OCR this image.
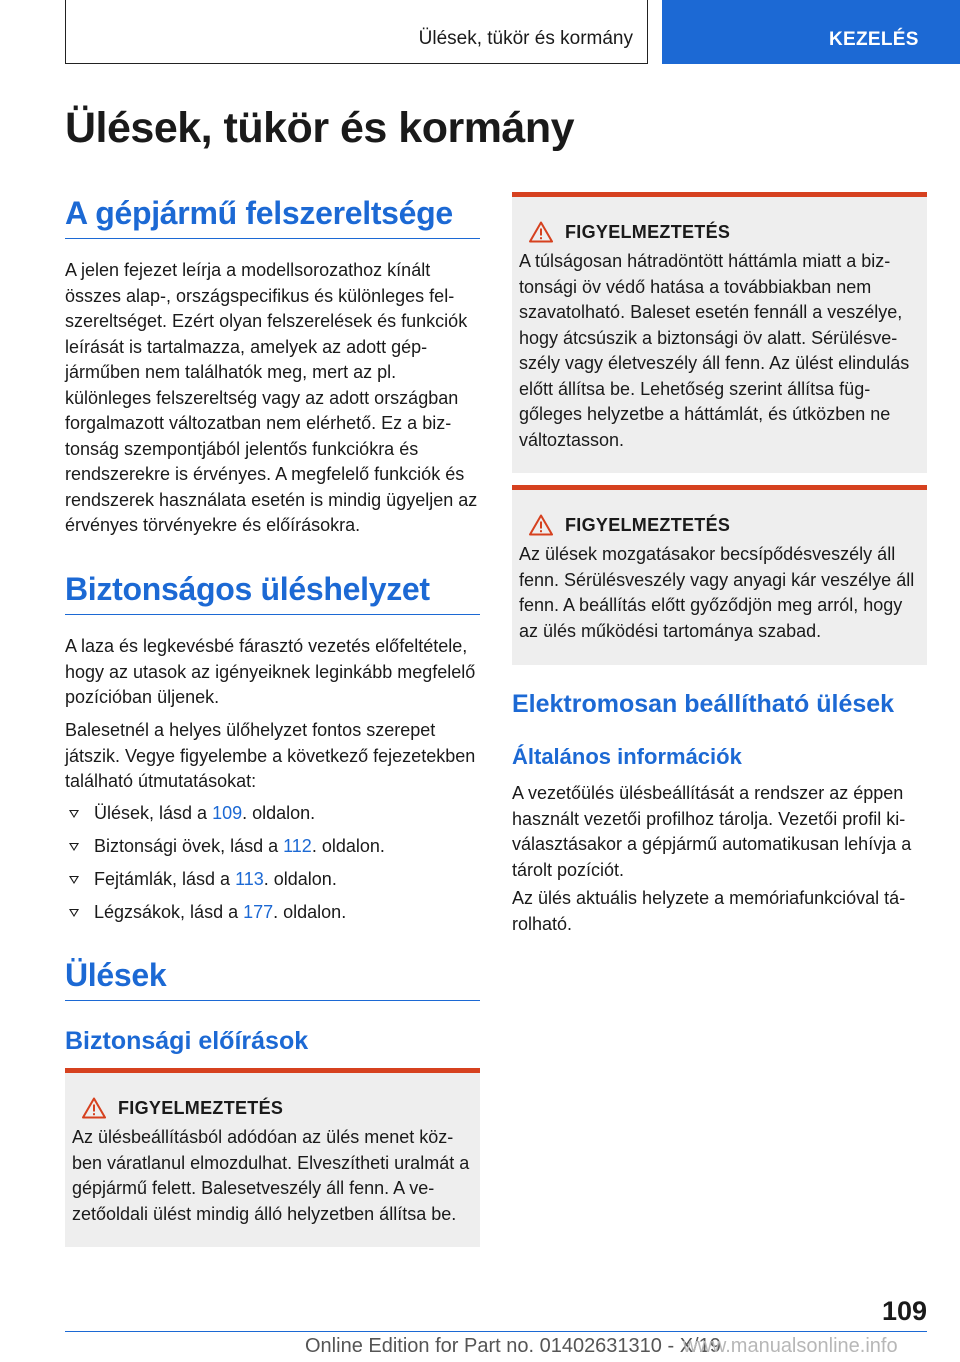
Ülések, tükör és kormány	KEZELÉS
Ülések, tükör és kormány
A gépjármű felszereltsége

A jelen fejezet leírja a modellsorozathoz kínált összes alap-, országspecifikus és különleges felszereltséget. Ezért olyan felszerelések és funkciók leírását is tartalmazza, amelyek az adott gépjárműben nem találhatók meg, mert az pl. különleges felszereltség vagy az adott országban forgalmazott változatban nem elérhető. Ez a biztonság szempontjából jelentős funkciókra és rendszerekre is érvényes. A megfelelő funkciók és rendszerek használata esetén is mindig ügyeljen az érvényes törvényekre és előírásokra.

Biztonságos üléshelyzet

A laza és legkevésbé fárasztó vezetés előfeltétele, hogy az utasok az igényeiknek leginkább megfelelő pozícióban üljenek.

Balesetnél a helyes ülőhelyzet fontos szerepet játszik. Vegye figyelembe a következő fejezetekben található útmutatásokat:

Ülések, lásd a 109. oldalon.
Biztonsági övek, lásd a 112. oldalon.
Fejtámlák, lásd a 113. oldalon.
Légzsákok, lásd a 177. oldalon.
Ülések
Biztonsági előírások
FIGYELMEZTETÉS

Az ülésbeállításból adódóan az ülés menet közben váratlanul elmozdulhat. Elveszítheti uralmát a gépjármű felett. Balesetveszély áll fenn. A vezetőoldali ülést mindig álló helyzetben állítsa be.

FIGYELMEZTETÉS

A túlságosan hátradöntött háttámla miatt a biztonsági öv védő hatása a továbbiakban nem szavatolható. Baleset esetén fennáll a veszélye, hogy átcsúszik a biztonsági öv alatt. Sérülésveszély vagy életveszély áll fenn. Az ülést elindulás előtt állítsa be. Lehetőség szerint állítsa függőleges helyzetbe a háttámlát, és útközben ne változtasson.

FIGYELMEZTETÉS

Az ülések mozgatásakor becsípődésveszély áll fenn. Sérülésveszély vagy anyagi kár veszélye áll fenn. A beállítás előtt győződjön meg arról, hogy az ülés működési tartománya szabad.

Elektromosan beállítható ülések
Általános információk

A vezetőülés ülésbeállítását a rendszer az éppen használt vezetői profilhoz tárolja. Vezetői profil kiválasztásakor a gépjármű automatikusan lehívja a tárolt pozíciót.

Az ülés aktuális helyzete a memóriafunkcióval tárolható.

109
Online Edition for Part no. 01402631310 - X/19
www.manualsonline.info
